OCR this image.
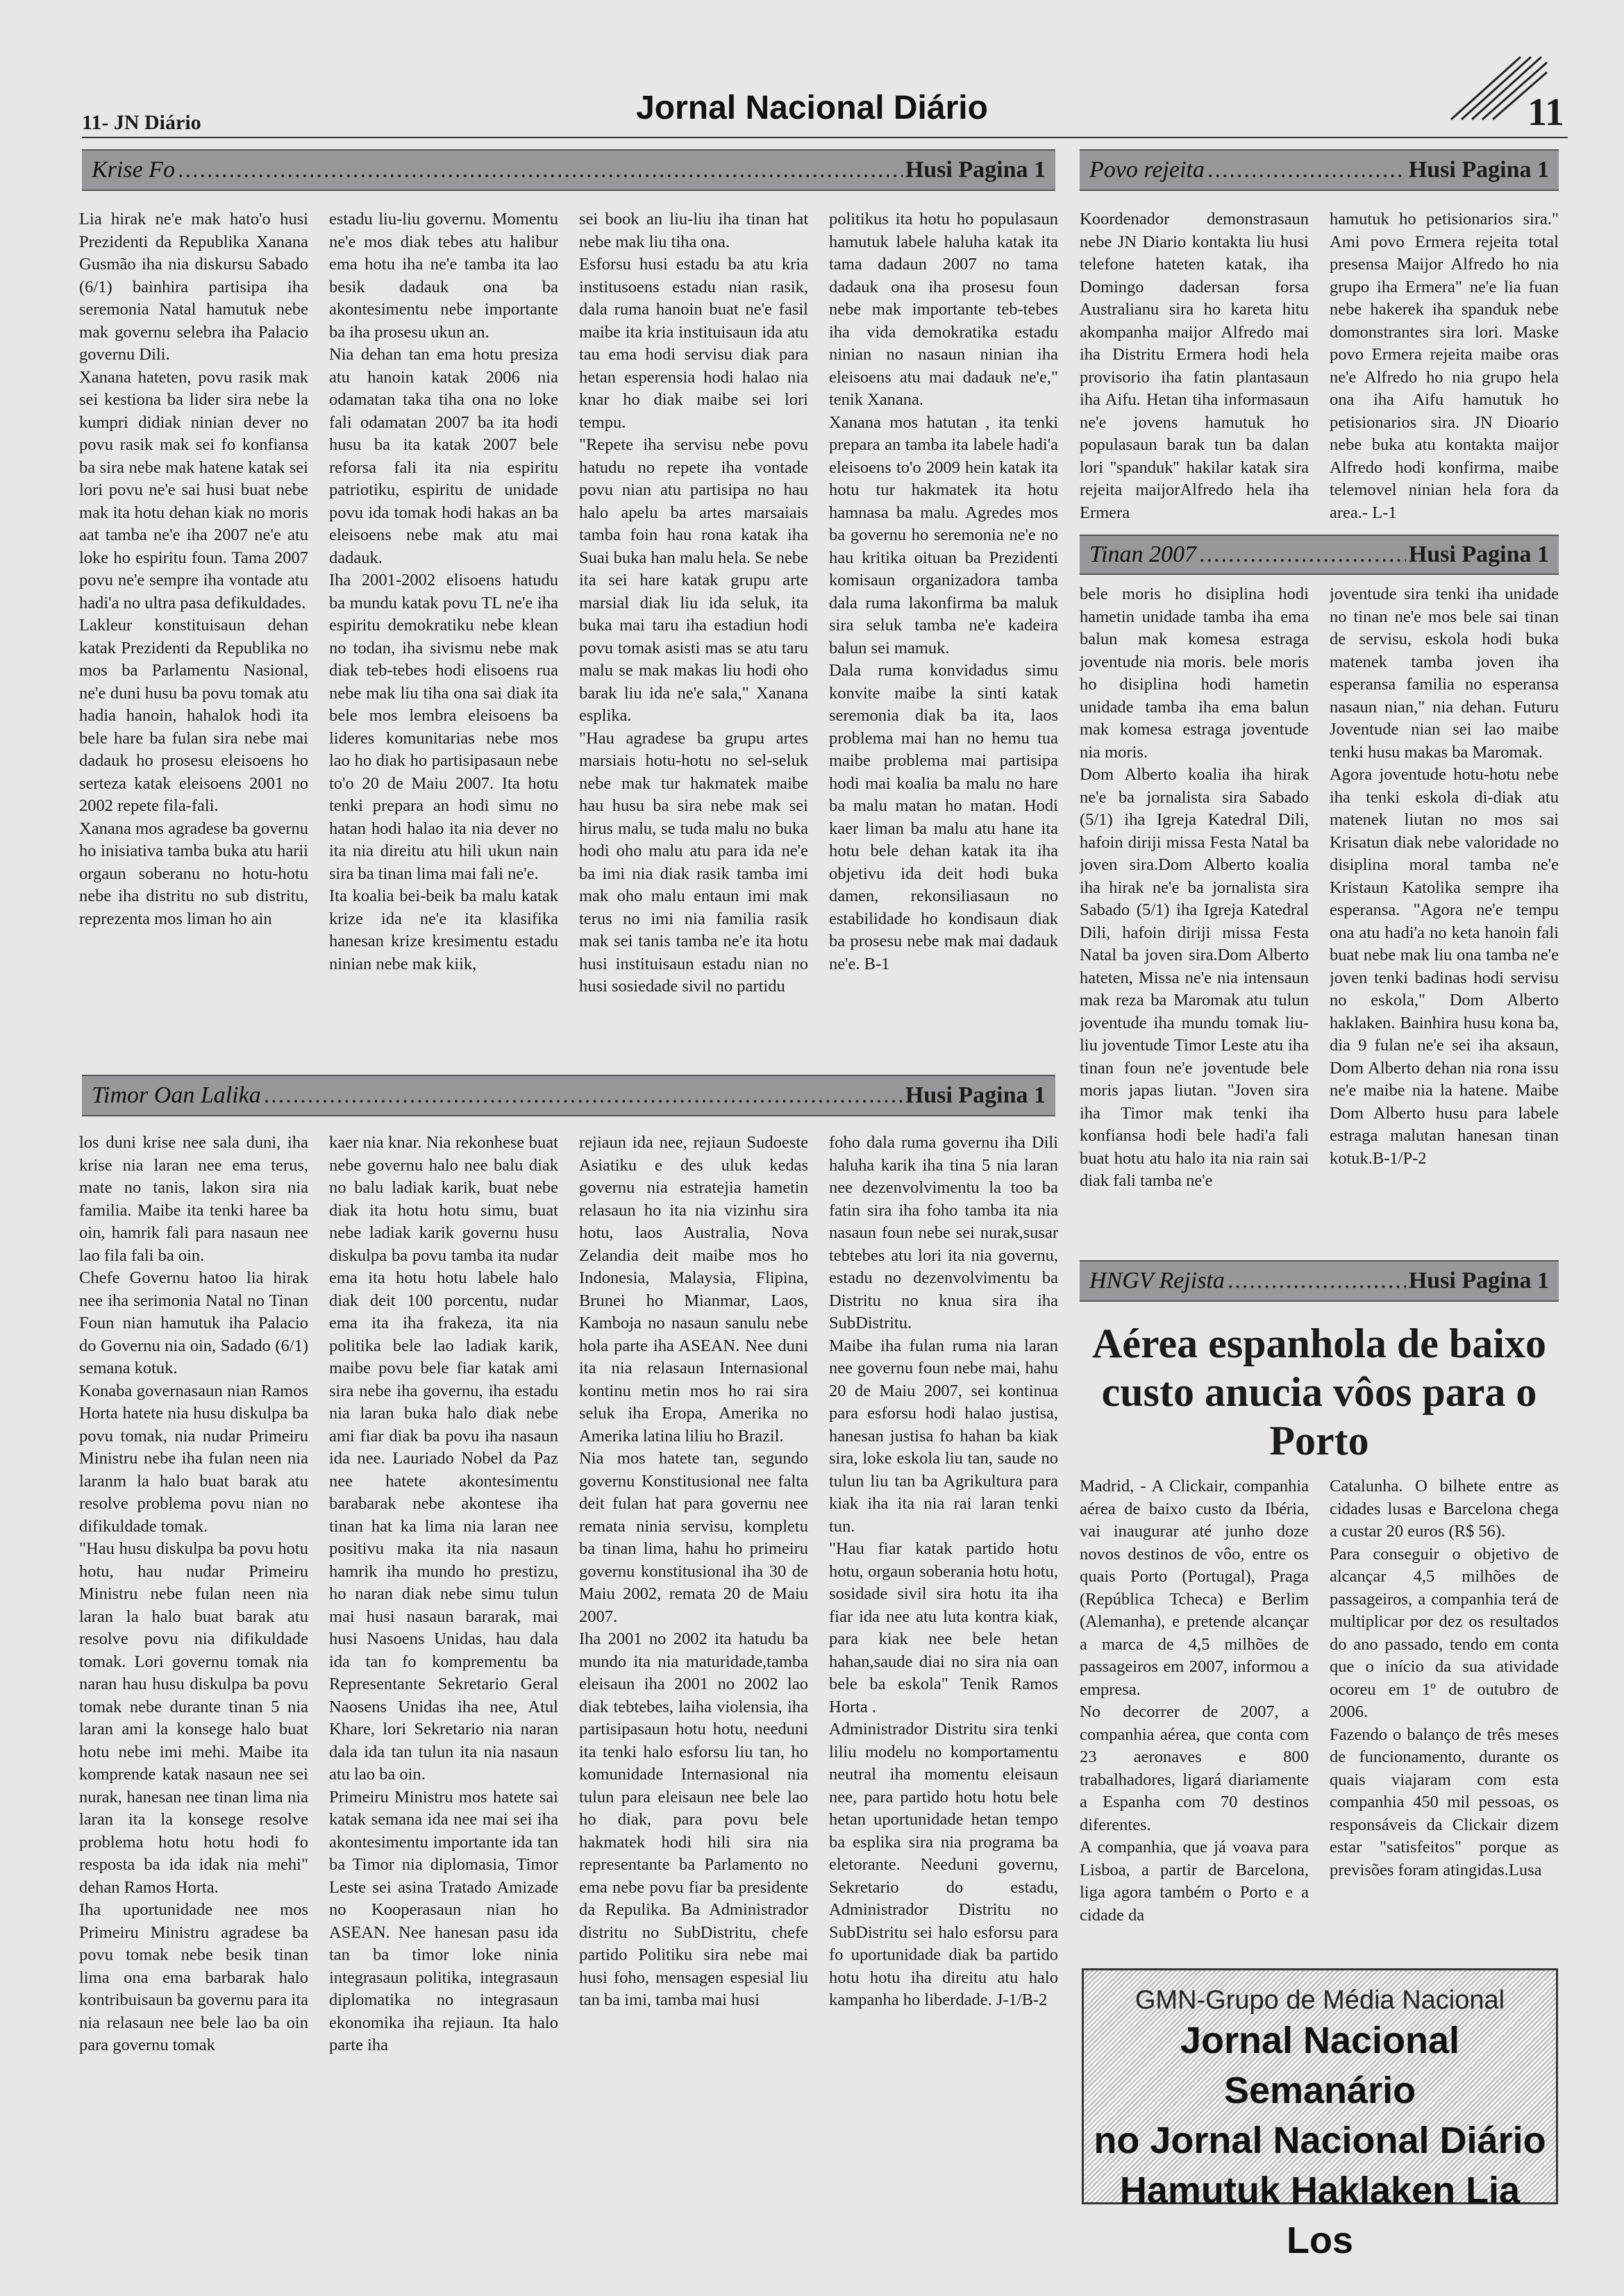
11- JN Diário	Jornal Nacional Diário	11
Krise Fo .....	Husi Pagina 1 Povo rejeita .....	Husi Pagina 1

Lia hirak ne'e mak hato'o husi Prezidenti da Republika Xanana Gusmão iha nia diskursu Sabado (6/1) bainhira partisipa iha seremonia Natal hamutuk nebe mak governu selebra iha Palacio governu Dili.

Xanana hateten, povu rasik mak sei kestiona ba lider sira nebe la kumpri didiak ninian dever no povu rasik mak sei fo konfiansa ba sira nebe mak hatene katak sei lori povu ne'e sai husi buat nebe mak ita hotu dehan kiak no moris aat tamba ne'e iha 2007 ne'e atu loke ho espiritu foun. Tama 2007 povu ne'e sempre iha vontade atu hadi'a no ultra pasa defikuldades.

Lakleur konstituisaun dehan katak Prezidenti da Republika no mos ba Parlamentu Nasional, ne'e duni husu ba povu tomak atu hadia hanoin, hahalok hodi ita bele hare ba fulan sira nebe mai dadauk ho prosesu eleisoens ho serteza katak eleisoens 2001 no 2002 repete fila-fali.

Xanana mos agradese ba governu ho inisiativa tamba buka atu harii orgaun soberanu no hotu-hotu nebe iha distritu no sub distritu, reprezenta mos liman ho ain

estadu liu-liu governu. Momentu ne'e mos diak tebes atu halibur ema hotu iha ne'e tamba ita lao besik dadauk ona ba akontesimentu nebe importante ba iha prosesu ukun an.

Nia dehan tan ema hotu presiza atu hanoin katak 2006 nia odamatan taka tiha ona no loke fali odamatan 2007 ba ita hodi husu ba ita katak 2007 bele reforsa fali ita nia espiritu patriotiku, espiritu de unidade povu ida tomak hodi hakas an ba eleisoens nebe mak atu mai dadauk.

Iha 2001-2002 elisoens hatudu ba mundu katak povu TL ne'e iha espiritu demokratiku nebe klean no todan, iha sivismu nebe mak diak teb-tebes hodi elisoens rua nebe mak liu tiha ona sai diak ita bele mos lembra eleisoens ba lideres komunitarias nebe mos lao ho diak ho partisipasaun nebe to'o 20 de Maiu 2007. Ita hotu tenki prepara an hodi simu no hatan hodi halao ita nia dever no ita nia direitu atu hili ukun nain sira ba tinan lima mai fali ne'e.

Ita koalia bei-beik ba malu katak krize ida ne'e ita klasifika hanesan krize kresimentu estadu ninian nebe mak kiik,

sei book an liu-liu iha tinan hat nebe mak liu tiha ona.

Esforsu husi estadu ba atu kria institusoens estadu nian rasik, dala ruma hanoin buat ne'e fasil maibe ita kria instituisaun ida atu tau ema hodi servisu diak para hetan esperensia hodi halao nia knar ho diak maibe sei lori tempu.

"Repete iha servisu nebe povu hatudu no repete iha vontade povu nian atu partisipa no hau halo apelu ba artes marsaiais tamba foin hau rona katak iha Suai buka han malu hela. Se nebe ita sei hare katak grupu arte marsial diak liu ida seluk, ita buka mai taru iha estadiun hodi povu tomak asisti mas se atu taru malu se mak makas liu hodi oho barak liu ida ne'e sala," Xanana esplika.

"Hau agradese ba grupu artes marsiais hotu-hotu no sel-seluk nebe mak tur hakmatek maibe hau husu ba sira nebe mak sei hirus malu, se tuda malu no buka hodi oho malu atu para ida ne'e ba imi nia diak rasik tamba imi mak oho malu entaun imi mak terus no imi nia familia rasik mak sei tanis tamba ne'e ita hotu husi instituisaun estadu nian no husi sosiedade sivil no partidu

politikus ita hotu ho populasaun hamutuk labele haluha katak ita tama dadaun 2007 no tama dadauk ona iha prosesu foun nebe mak importante teb-tebes iha vida demokratika estadu ninian no nasaun ninian iha eleisoens atu mai dadauk ne'e," tenik Xanana.

Xanana mos hatutan , ita tenki prepara an tamba ita labele hadi'a eleisoens to'o 2009 hein katak ita hotu tur hakmatek ita hotu hamnasa ba malu. Agredes mos ba governu ho seremonia ne'e no hau kritika oituan ba Prezidenti komisaun organizadora tamba dala ruma lakonfirma ba maluk sira seluk tamba ne'e kadeira balun sei mamuk.

Dala ruma konvidadus simu konvite maibe la sinti katak seremonia diak ba ita, laos problema mai han no hemu tua maibe problema mai partisipa hodi mai koalia ba malu no hare ba malu matan ho matan. Hodi kaer liman ba malu atu hane ita hotu bele dehan katak ita iha objetivu ida deit hodi buka damen, rekonsiliasaun no estabilidade ho kondisaun diak ba prosesu nebe mak mai dadauk ne'e. B-1

Koordenador demonstrasaun nebe JN Diario kontakta liu husi telefone hateten katak, iha Domingo dadersan forsa Australianu sira ho kareta hitu akompanha maijor Alfredo mai iha Distritu Ermera hodi hela provisorio iha fatin plantasaun iha Aifu. Hetan tiha informasaun ne'e jovens hamutuk ho populasaun barak tun ba dalan lori ''spanduk'' hakilar katak sira rejeita maijorAlfredo hela iha Ermera

hamutuk ho petisionarios sira." Ami povo Ermera rejeita total presensa Maijor Alfredo ho nia grupo iha Ermera" ne'e lia fuan nebe hakerek iha spanduk nebe domonstrantes sira lori. Maske povo Ermera rejeita maibe oras ne'e Alfredo ho nia grupo hela ona iha Aifu hamutuk ho petisionarios sira. JN Dioario nebe buka atu kontakta maijor Alfredo hodi konfirma, maibe telemovel ninian hela fora da area.- L-1

Tinan 2007 .....	Husi Pagina 1

bele moris ho disiplina hodi hametin unidade tamba iha ema balun mak komesa estraga joventude nia moris. bele moris ho disiplina hodi hametin unidade tamba iha ema balun mak komesa estraga joventude nia moris.

Dom Alberto koalia iha hirak ne'e ba jornalista sira Sabado (5/1) iha Igreja Katedral Dili, hafoin diriji missa Festa Natal ba joven sira.Dom Alberto koalia iha hirak ne'e ba jornalista sira Sabado (5/1) iha Igreja Katedral Dili, hafoin diriji missa Festa Natal ba joven sira.Dom Alberto hateten, Missa ne'e nia intensaun mak reza ba Maromak atu tulun joventude iha mundu tomak liu-liu joventude Timor Leste atu iha tinan foun ne'e joventude bele moris japas liutan. "Joven sira iha Timor mak tenki iha konfiansa hodi bele hadi'a fali buat hotu atu halo ita nia rain sai diak fali tamba ne'e

joventude sira tenki iha unidade no tinan ne'e mos bele sai tinan de servisu, eskola hodi buka matenek tamba joven iha esperansa familia no esperansa nasaun nian," nia dehan. Futuru Joventude nian sei lao maibe tenki husu makas ba Maromak.

Agora joventude hotu-hotu nebe iha tenki eskola di-diak atu matenek liutan no mos sai Krisatun diak nebe valoridade no disiplina moral tamba ne'e Kristaun Katolika sempre iha esperansa. "Agora ne'e tempu ona atu hadi'a no keta hanoin fali buat nebe mak liu ona tamba ne'e joven tenki badinas hodi servisu no eskola," Dom Alberto haklaken. Bainhira husu kona ba, dia 9 fulan ne'e sei iha aksaun, Dom Alberto dehan nia rona issu ne'e maibe nia la hatene. Maibe Dom Alberto husu para labele estraga malutan hanesan tinan kotuk.B-1/P-2

Timor Oan Lalika .....	Husi Pagina 1

los duni krise nee sala duni, iha krise nia laran nee ema terus, mate no tanis, lakon sira nia familia. Maibe ita tenki haree ba oin, hamrik fali para nasaun nee lao fila fali ba oin.

Chefe Governu hatoo lia hirak nee iha serimonia Natal no Tinan Foun nian hamutuk iha Palacio do Governu nia oin, Sadado (6/1) semana kotuk.

Konaba governasaun nian Ramos Horta hatete nia husu diskulpa ba povu tomak, nia nudar Primeiru Ministru nebe iha fulan neen nia laranm la halo buat barak atu resolve problema povu nian no difikuldade tomak.

"Hau husu diskulpa ba povu hotu hotu, hau nudar Primeiru Ministru nebe fulan neen nia laran la halo buat barak atu resolve povu nia difikuldade tomak. Lori governu tomak nia naran hau husu diskulpa ba povu tomak nebe durante tinan 5 nia laran ami la konsege halo buat hotu nebe imi mehi. Maibe ita komprende katak nasaun nee sei nurak, hanesan nee tinan lima nia laran ita la konsege resolve problema hotu hotu hodi fo resposta ba ida idak nia mehi" dehan Ramos Horta.

Iha uportunidade nee mos Primeiru Ministru agradese ba povu tomak nebe besik tinan lima ona ema barbarak halo kontribuisaun ba governu para ita nia relasaun nee bele lao ba oin para governu tomak

kaer nia knar. Nia rekonhese buat nebe governu halo nee balu diak no balu ladiak karik, buat nebe diak ita hotu hotu simu, buat nebe ladiak karik governu husu diskulpa ba povu tamba ita nudar ema ita hotu hotu labele halo diak deit 100 porcentu, nudar ema ita iha frakeza, ita nia politika bele lao ladiak karik, maibe povu bele fiar katak ami sira nebe iha governu, iha estadu nia laran buka halo diak nebe ami fiar diak ba povu iha nasaun ida nee. Lauriado Nobel da Paz nee hatete akontesimentu barabarak nebe akontese iha tinan hat ka lima nia laran nee positivu maka ita nia nasaun hamrik iha mundo ho prestizu, ho naran diak nebe simu tulun mai husi nasaun bararak, mai husi Nasoens Unidas, hau dala ida tan fo komprementu ba Representante Sekretario Geral Naosens Unidas iha nee, Atul Khare, lori Sekretario nia naran dala ida tan tulun ita nia nasaun atu lao ba oin.

Primeiru Ministru mos hatete sai katak semana ida nee mai sei iha akontesimentu importante ida tan ba Timor nia diplomasia, Timor Leste sei asina Tratado Amizade no Kooperasaun nian ho ASEAN. Nee hanesan pasu ida tan ba timor loke ninia integrasaun politika, integrasaun diplomatika no integrasaun ekonomika iha rejiaun. Ita halo parte iha

rejiaun ida nee, rejiaun Sudoeste Asiatiku e des uluk kedas governu nia estratejia hametin relasaun ho ita nia vizinhu sira hotu, laos Australia, Nova Zelandia deit maibe mos ho Indonesia, Malaysia, Flipina, Brunei ho Mianmar, Laos, Kamboja no nasaun sanulu nebe hola parte iha ASEAN. Nee duni ita nia relasaun Internasional kontinu metin mos ho rai sira seluk iha Eropa, Amerika no Amerika latina liliu ho Brazil.

Nia mos hatete tan, segundo governu Konstitusional nee falta deit fulan hat para governu nee remata ninia servisu, kompletu ba tinan lima, hahu ho primeiru governu konstitusional iha 30 de Maiu 2002, remata 20 de Maiu 2007.

Iha 2001 no 2002 ita hatudu ba mundo ita nia maturidade,tamba eleisaun iha 2001 no 2002 lao diak tebtebes, laiha violensia, iha partisipasaun hotu hotu, needuni ita tenki halo esforsu liu tan, ho komunidade Internasional nia tulun para eleisaun nee bele lao ho diak, para povu bele hakmatek hodi hili sira nia representante ba Parlamento no ema nebe povu fiar ba presidente da Repulika. Ba Administrador distritu no SubDistritu, chefe partido Politiku sira nebe mai husi foho, mensagen espesial liu tan ba imi, tamba mai husi

foho dala ruma governu iha Dili haluha karik iha tina 5 nia laran nee dezenvolvimentu la too ba fatin sira iha foho tamba ita nia nasaun foun nebe sei nurak,susar tebtebes atu lori ita nia governu, estadu no dezenvolvimentu ba Distritu no knua sira iha SubDistritu.

Maibe iha fulan ruma nia laran nee governu foun nebe mai, hahu 20 de Maiu 2007, sei kontinua para esforsu hodi halao justisa, hanesan justisa fo hahan ba kiak sira, loke eskola liu tan, saude no tulun liu tan ba Agrikultura para kiak iha ita nia rai laran tenki tun.

"Hau fiar katak partido hotu hotu, orgaun soberania hotu hotu, sosidade sivil sira hotu ita iha fiar ida nee atu luta kontra kiak, para kiak nee bele hetan hahan,saude diai no sira nia oan bele ba eskola" Tenik Ramos Horta .

Administrador Distritu sira tenki liliu modelu no komportamentu neutral iha momentu eleisaun nee, para partido hotu hotu bele hetan uportunidade hetan tempo ba esplika sira nia programa ba eletorante. Needuni governu, Sekretario do estadu, Administrador Distritu no SubDistritu sei halo esforsu para fo uportunidade diak ba partido hotu hotu iha direitu atu halo kampanha ho liberdade. J-1/B-2

HNGV Rejista .....	Husi Pagina 1
Aérea espanhola de baixo custo anucia vôos para o Porto

Madrid, - A Clickair, companhia aérea de baixo custo da Ibéria, vai inaugurar até junho doze novos destinos de vôo, entre os quais Porto (Portugal), Praga (República Tcheca) e Berlim (Alemanha), e pretende alcançar a marca de 4,5 milhões de passageiros em 2007, informou a empresa.

No decorrer de 2007, a companhia aérea, que conta com 23 aeronaves e 800 trabalhadores, ligará diariamente a Espanha com 70 destinos diferentes.

A companhia, que já voava para Lisboa, a partir de Barcelona, liga agora também o Porto e a cidade da

Catalunha. O bilhete entre as cidades lusas e Barcelona chega a custar 20 euros (R$ 56).

Para conseguir o objetivo de alcançar 4,5 milhões de passageiros, a companhia terá de multiplicar por dez os resultados do ano passado, tendo em conta que o início da sua atividade ocoreu em 1º de outubro de 2006.

Fazendo o balanço de três meses de funcionamento, durante os quais viajaram com esta companhia 450 mil pessoas, os responsáveis da Clickair dizem estar "satisfeitos" porque as previsões foram atingidas.Lusa

GMN-Grupo de Média Nacional
Jornal Nacional Semanário
no Jornal Nacional Diário
Hamutuk Haklaken Lia Los
